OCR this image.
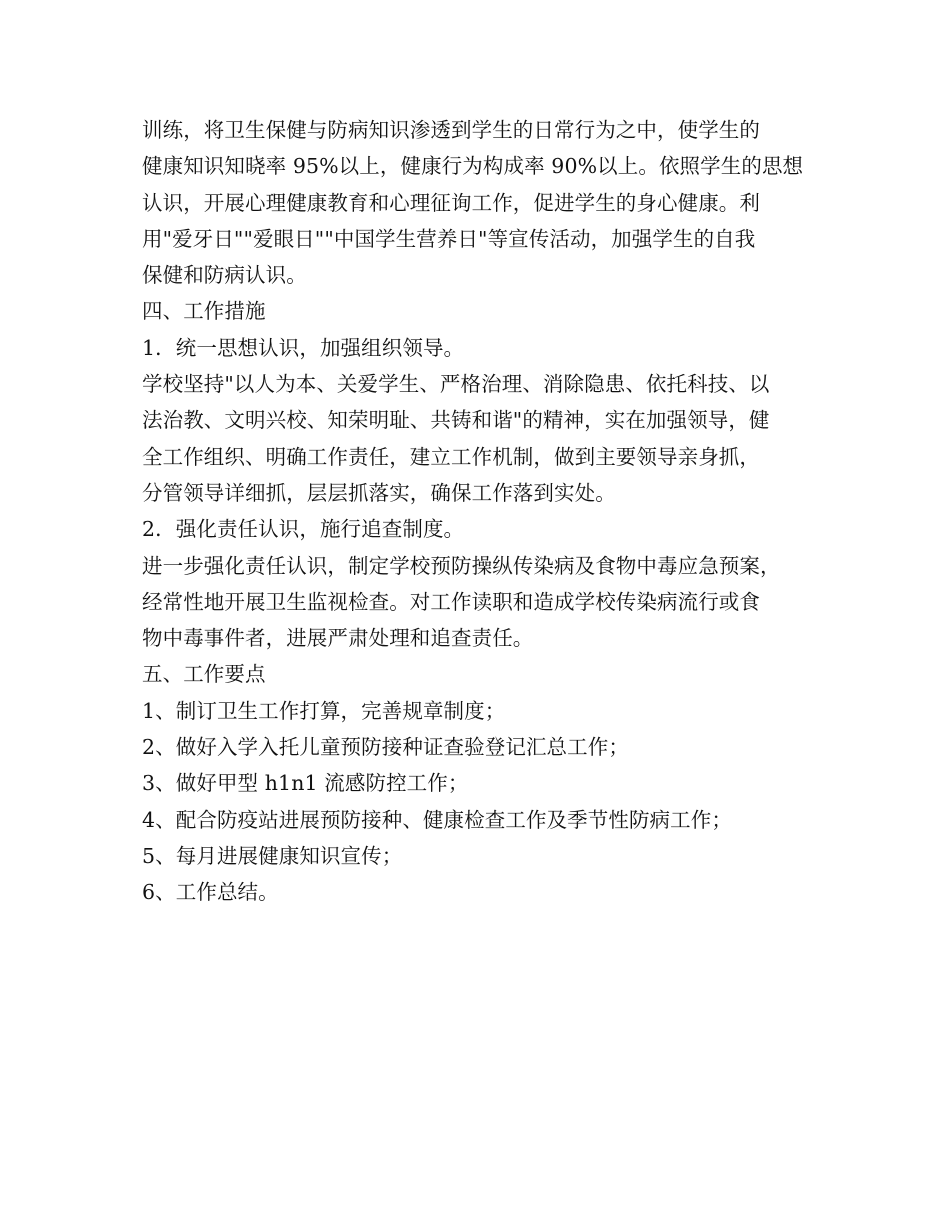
训练，将卫生保健与防病知识渗透到学生的日常行为之中，使学生的
健康知识知晓率 95%以上，健康行为构成率 90%以上。依照学生的思想
认识，开展心理健康教育和心理征询工作，促进学生的身心健康。利
用"爱牙日""爱眼日""中国学生营养日"等宣传活动，加强学生的自我
保健和防病认识。
四、工作措施
1．统一思想认识，加强组织领导。
学校坚持"以人为本、关爱学生、严格治理、消除隐患、依托科技、以
法治教、文明兴校、知荣明耻、共铸和谐"的精神，实在加强领导，健
全工作组织、明确工作责任，建立工作机制，做到主要领导亲身抓，
分管领导详细抓，层层抓落实，确保工作落到实处。
2．强化责任认识，施行追查制度。
进一步强化责任认识，制定学校预防操纵传染病及食物中毒应急预案，
经常性地开展卫生监视检查。对工作读职和造成学校传染病流行或食
物中毒事件者，进展严肃处理和追查责任。
五、工作要点
1、制订卫生工作打算，完善规章制度；
2、做好入学入托儿童预防接种证查验登记汇总工作；
3、做好甲型 h1n1 流感防控工作；
4、配合防疫站进展预防接种、健康检查工作及季节性防病工作；
5、每月进展健康知识宣传；
6、工作总结。
